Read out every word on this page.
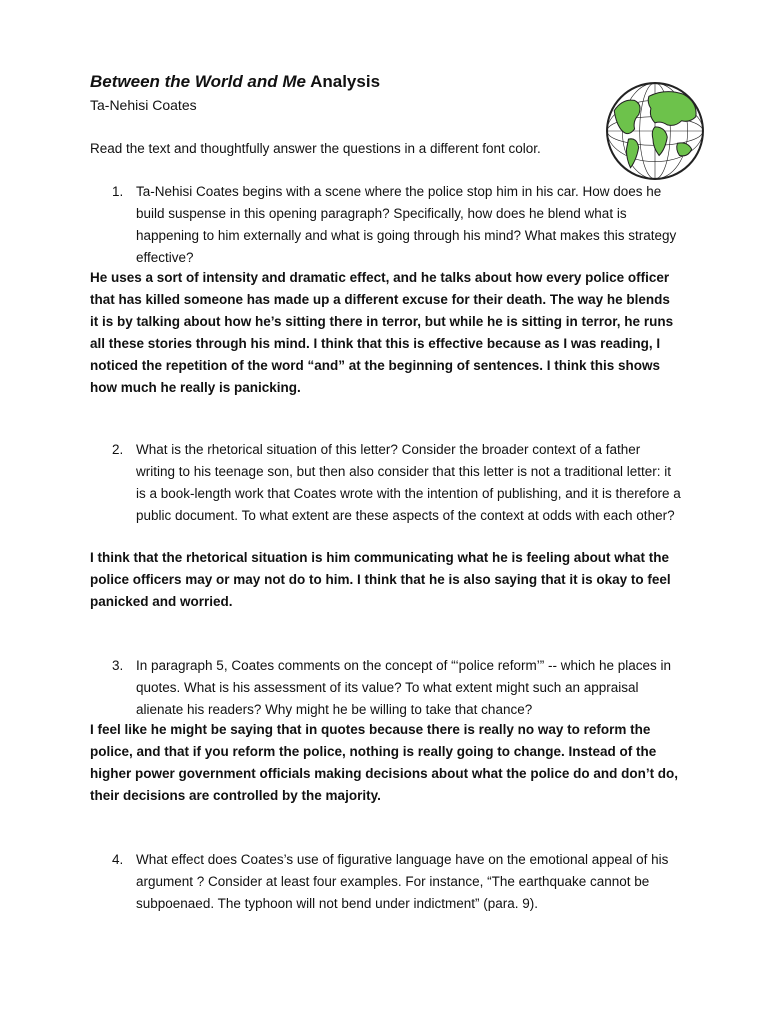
Between the World and Me Analysis

Ta-Nehisi Coates

Read the text and thoughtfully answer the questions in a different font color.

1. Ta-Nehisi Coates begins with a scene where the police stop him in his car. How does he build suspense in this opening paragraph? Specifically, how does he blend what is happening to him externally and what is going through his mind? What makes this strategy effective?

He uses a sort of intensity and dramatic effect, and he talks about how every police officer that has killed someone has made up a different excuse for their death. The way he blends it is by talking about how he’s sitting there in terror, but while he is sitting in terror, he runs all these stories through his mind. I think that this is effective because as I was reading, I noticed the repetition of the word “and” at the beginning of sentences. I think this shows how much he really is panicking.

2. What is the rhetorical situation of this letter? Consider the broader context of a father writing to his teenage son, but then also consider that this letter is not a traditional letter: it is a book-length work that Coates wrote with the intention of publishing, and it is therefore a public document. To what extent are these aspects of the context at odds with each other?

I think that the rhetorical situation is him communicating what he is feeling about what the police officers may or may not do to him. I think that he is also saying that it is okay to feel panicked and worried.

3. In paragraph 5, Coates comments on the concept of “‘police reform’” -- which he places in quotes. What is his assessment of its value? To what extent might such an appraisal alienate his readers? Why might he be willing to take that chance?

I feel like he might be saying that in quotes because there is really no way to reform the police, and that if you reform the police, nothing is really going to change. Instead of the higher power government officials making decisions about what the police do and don’t do, their decisions are controlled by the majority.

4. What effect does Coates’s use of figurative language have on the emotional appeal of his argument ? Consider at least four examples. For instance, “The earthquake cannot be subpoenaed. The typhoon will not bend under indictment” (para. 9).
